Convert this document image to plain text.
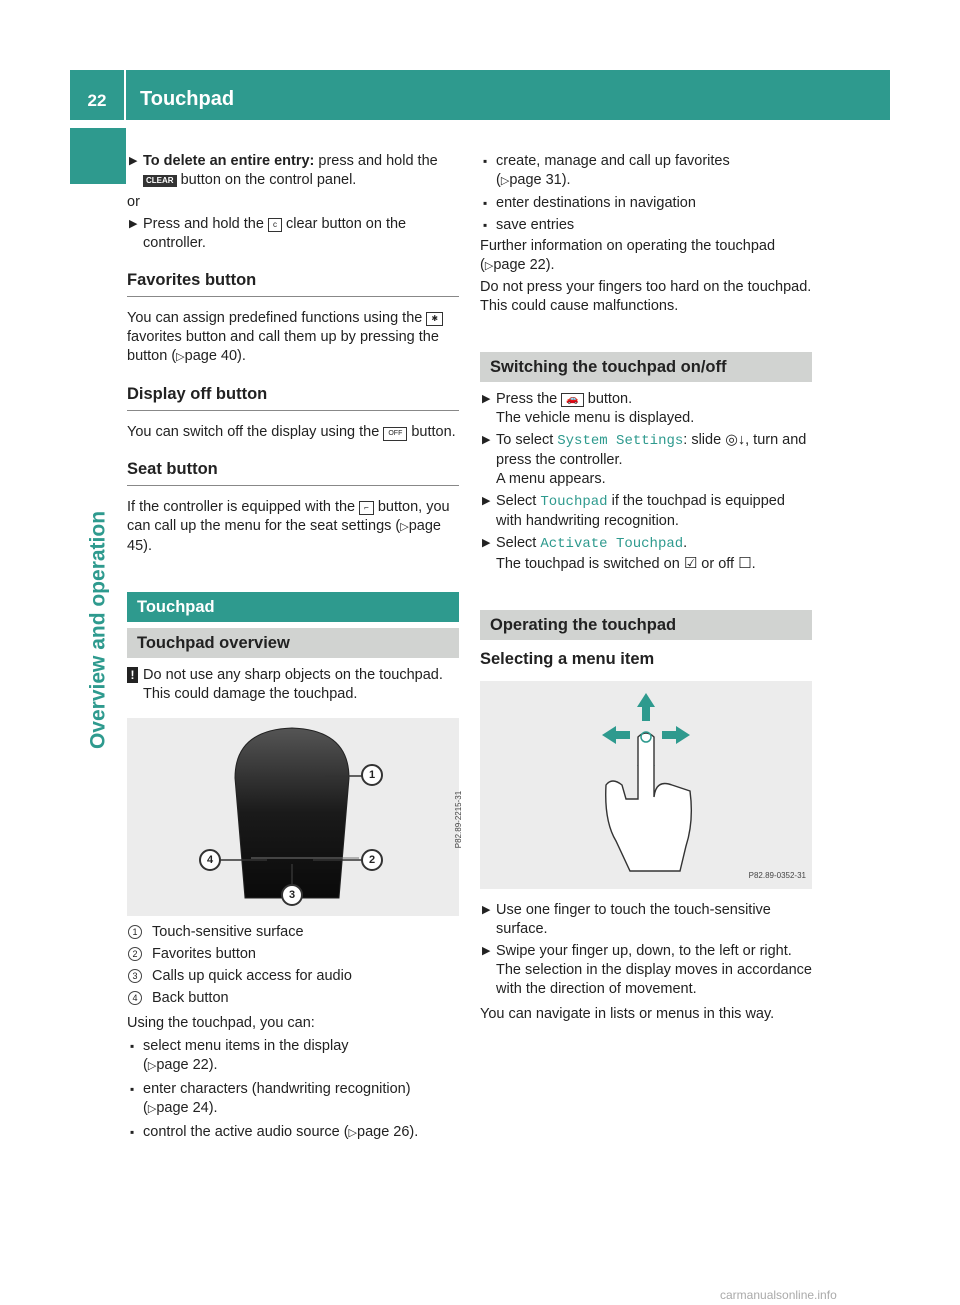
22	Touchpad
Overview and operation
▶ To delete an entire entry: press and hold the
CLEAR button on the control panel.

or

▶ Press and hold the c clear button on the controller.
Favorites button

You can assign predefined functions using the ✱ favorites button and call them up by pressing the button (▷page 40).

Display off button

You can switch off the display using the OFF button.

Seat button

If the controller is equipped with the ⌐ button, you can call up the menu for the seat settings (▷page 45).

Touchpad
Touchpad overview
! Do not use any sharp objects on the touchpad. This could damage the touchpad.
1
2
3
4
P82.89-2215-31
1	Touch-sensitive surface
2	Favorites button
3	Calls up quick access for audio
4	Back button

Using the touchpad, you can:

▪ select menu items in the display
(▷page 22).
▪ enter characters (handwriting recognition)
(▷page 24).
▪ control the active audio source (▷page 26).
▪ create, manage and call up favorites
(▷page 31).
▪ enter destinations in navigation
▪ save entries

Further information on operating the touchpad
(▷page 22).

Do not press your fingers too hard on the touchpad. This could cause malfunctions.

Switching the touchpad on/off
▶ Press the 🚗 button.
The vehicle menu is displayed.
▶ To select System Settings: slide ◎↓, turn and press the controller.
A menu appears.
▶ Select Touchpad if the touchpad is equipped with handwriting recognition.
▶ Select Activate Touchpad.
The touchpad is switched on ☑ or off ☐.
Operating the touchpad
Selecting a menu item
P82.89-0352-31
▶ Use one finger to touch the touch-sensitive surface.
▶ Swipe your finger up, down, to the left or right. The selection in the display moves in accordance with the direction of movement.

You can navigate in lists or menus in this way.

carmanualsonline.info
